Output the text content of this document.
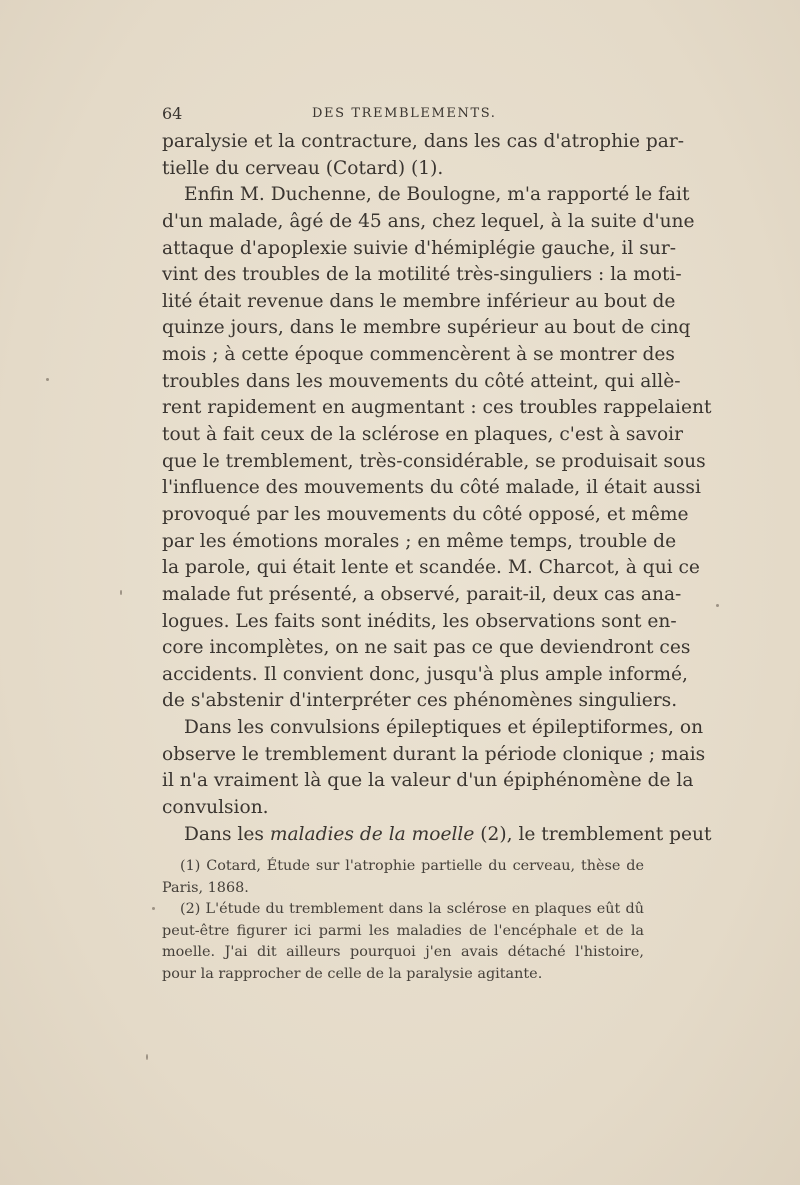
64	DES TREMBLEMENTS.
paralysie et la contracture, dans les cas d'atrophie par-
tielle du cerveau (Cotard) (1).
Enfin M. Duchenne, de Boulogne, m'a rapporté le fait
d'un malade, âgé de 45 ans, chez lequel, à la suite d'une
attaque d'apoplexie suivie d'hémiplégie gauche, il sur-
vint des troubles de la motilité très-singuliers : la moti-
lité était revenue dans le membre inférieur au bout de
quinze jours, dans le membre supérieur au bout de cinq
mois ; à cette époque commencèrent à se montrer des
troubles dans les mouvements du côté atteint, qui allè-
rent rapidement en augmentant : ces troubles rappelaient
tout à fait ceux de la sclérose en plaques, c'est à savoir
que le tremblement, très-considérable, se produisait sous
l'influence des mouvements du côté malade, il était aussi
provoqué par les mouvements du côté opposé, et même
par les émotions morales ; en même temps, trouble de
la parole, qui était lente et scandée. M. Charcot, à qui ce
malade fut présenté, a observé, parait-il, deux cas ana-
logues. Les faits sont inédits, les observations sont en-
core incomplètes, on ne sait pas ce que deviendront ces
accidents. Il convient donc, jusqu'à plus ample informé,
de s'abstenir d'interpréter ces phénomènes singuliers.
Dans les convulsions épileptiques et épileptiformes, on
observe le tremblement durant la période clonique ; mais
il n'a vraiment là que la valeur d'un épiphénomène de la
convulsion.
Dans les maladies de la moelle (2), le tremblement peut
(1) Cotard, Étude sur l'atrophie partielle du cerveau, thèse de
Paris, 1868.
(2) L'étude du tremblement dans la sclérose en plaques eût dû
peut-être figurer ici parmi les maladies de l'encéphale et de la
moelle. J'ai dit ailleurs pourquoi j'en avais détaché l'histoire,
pour la rapprocher de celle de la paralysie agitante.
